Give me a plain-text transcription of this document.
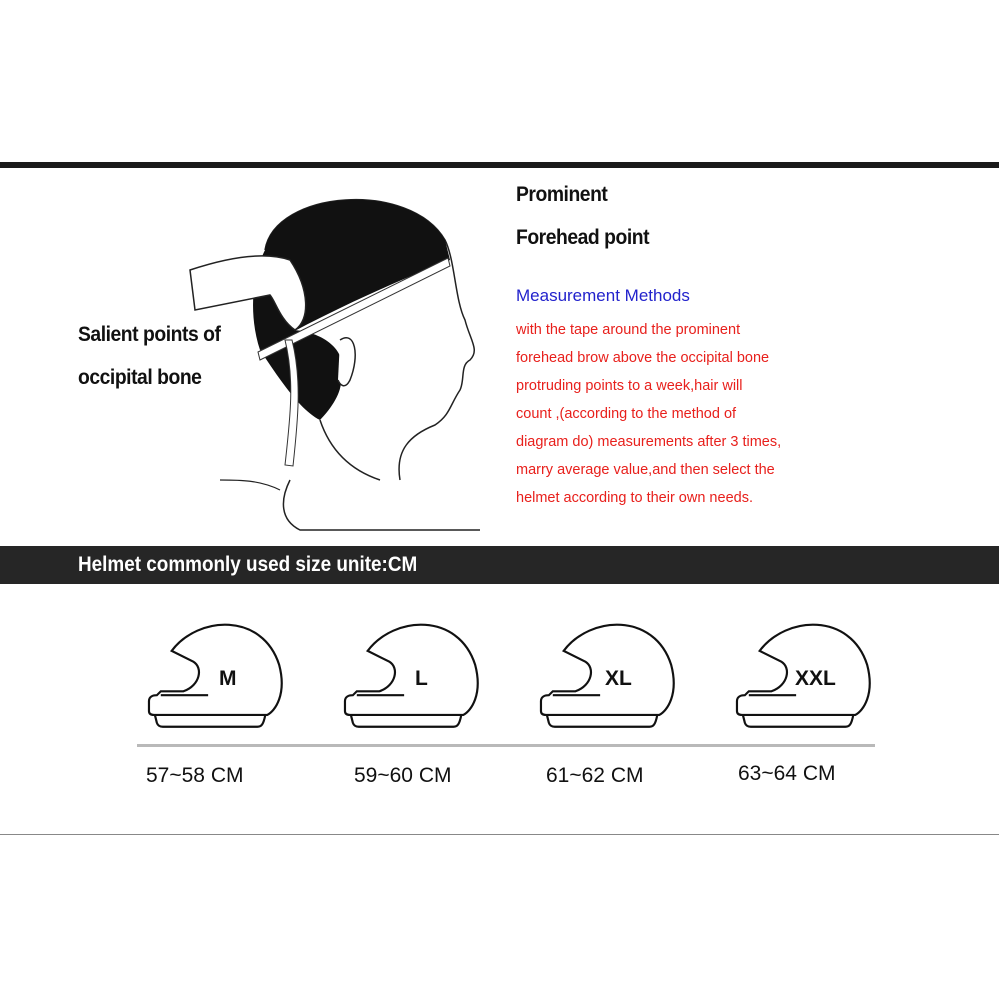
Prominent
Forehead point
Salient points of
occipital bone
Measurement Methods
with the tape around the prominent
forehead brow above the occipital bone
protruding points to a week,hair will
count ,(according to the method of
diagram do) measurements after 3 times,
marry average value,and then select the
helmet according to their own needs.
Helmet commonly used size unite:CM
M
57~58 CM
L
59~60 CM
XL
61~62 CM
XXL
63~64 CM
